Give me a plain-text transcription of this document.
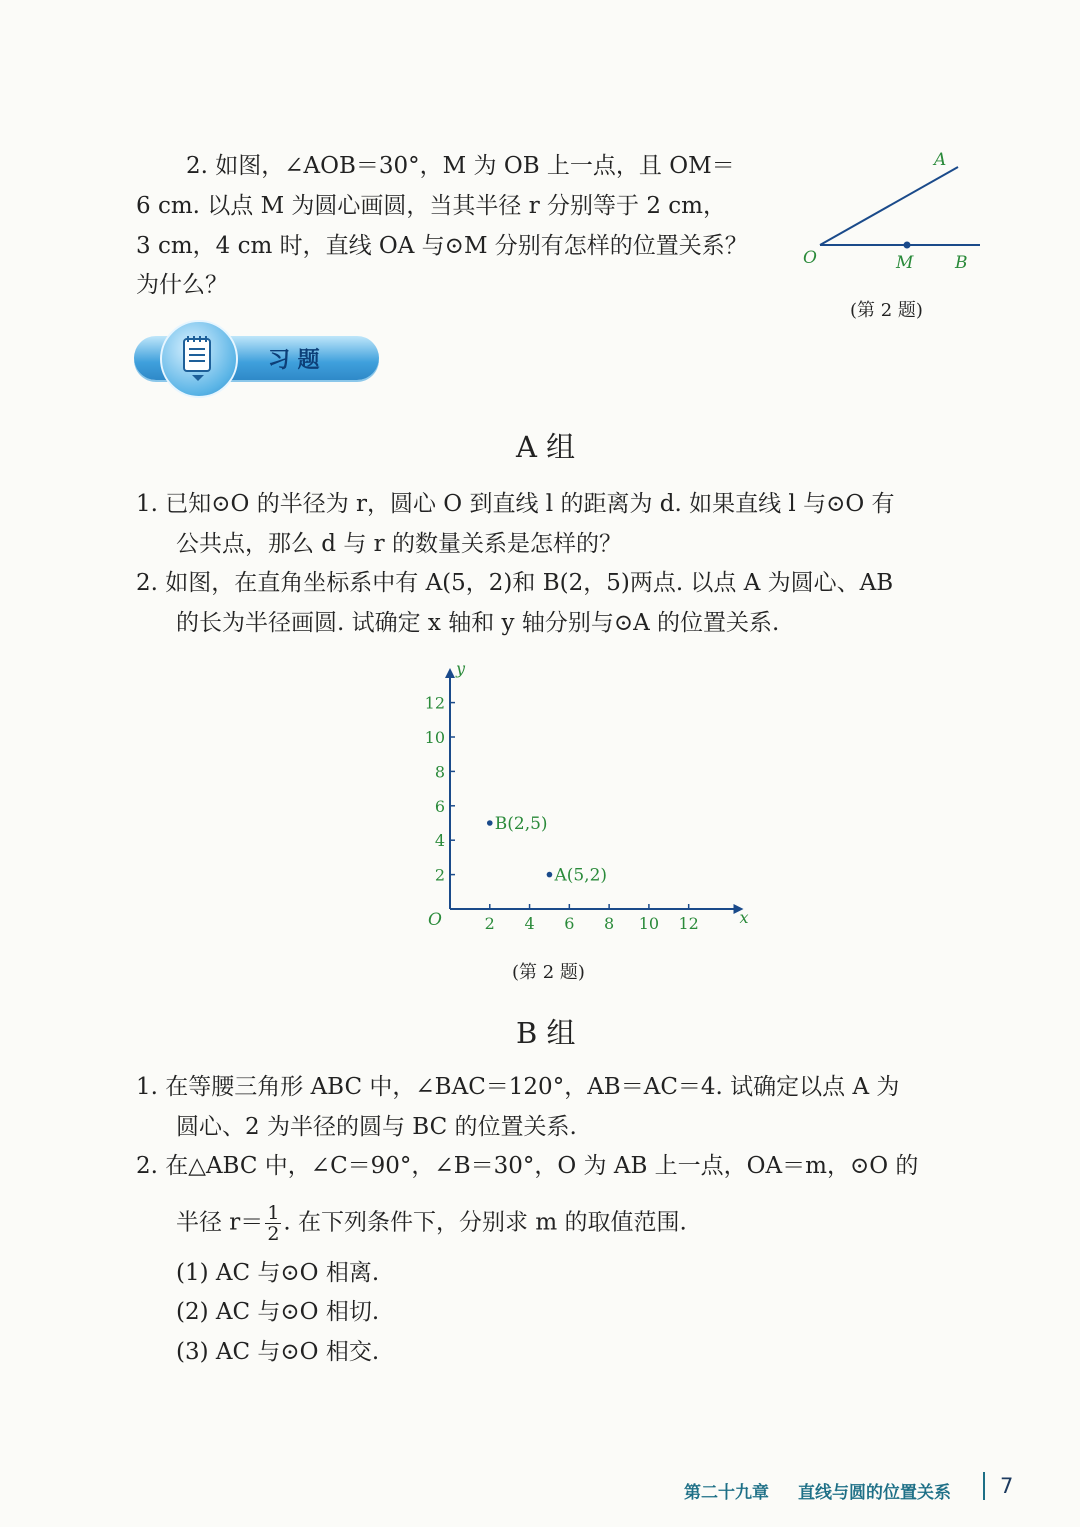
2. 如图，∠AOB＝30°，M 为 OB 上一点，且 OM＝
6 cm. 以点 M 为圆心画圆，当其半径 r 分别等于 2 cm，
3 cm，4 cm 时，直线 OA 与⊙M 分别有怎样的位置关系？
为什么？
A
O	M B
(第 2 题)
习 题
A 组
1. 已知⊙O 的半径为 r，圆心 O 到直线 l 的距离为 d. 如果直线 l 与⊙O 有
公共点，那么 d 与 r 的数量关系是怎样的？
2. 如图，在直角坐标系中有 A(5，2)和 B(2，5)两点. 以点 A 为圆心、AB
的长为半径画圆. 试确定 x 轴和 y 轴分别与⊙A 的位置关系.
x
y
O	2 4 6 8 10 12
2
4
6
8
10
12
A(5,2)
B(2,5)
(第 2 题)
B 组
1. 在等腰三角形 ABC 中，∠BAC＝120°，AB＝AC＝4. 试确定以点 A 为
圆心、2 为半径的圆与 BC 的位置关系.
2. 在△ABC 中，∠C＝90°，∠B＝30°，O 为 AB 上一点，OA＝m，⊙O 的
半径 $r= \frac{1}{2}$ . 在下列条件下，分别求 m 的取值范围.
(1) AC 与⊙O 相离.
(2) AC 与⊙O 相切.
(3) AC 与⊙O 相交.
第二十九章 直线与圆的位置关系 7
